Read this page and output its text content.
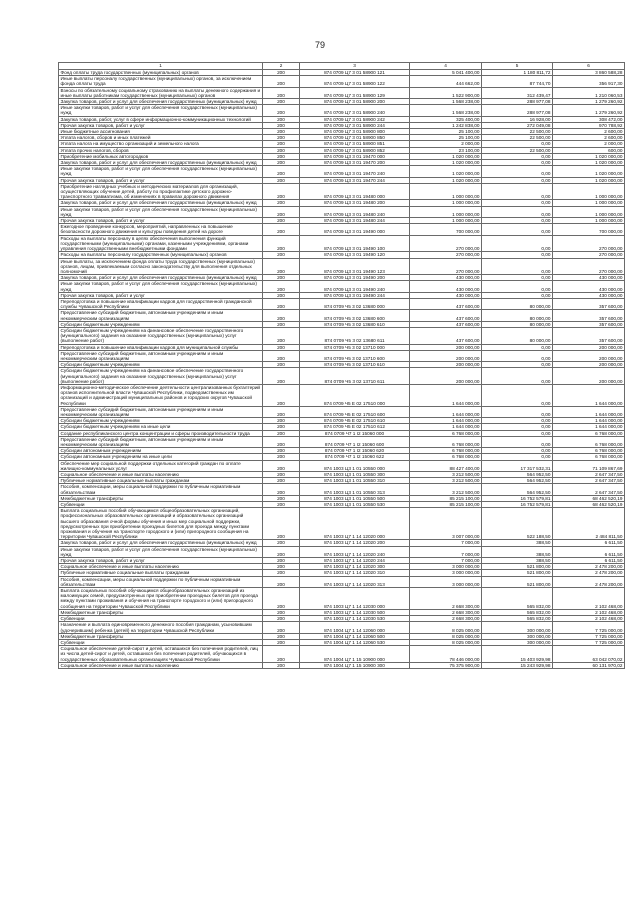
79
1	2	3	4	5	6
Фонд оплаты труда государственных (муниципальных) органов	200	874 0709 Ц7 3 01 58900 121	5 041 400,00	1 180 811,72	3 860 588,28
Иные выплаты персоналу государственных (муниципальных) органов, за исключением фонда оплаты труда	200	874 0709 Ц7 3 01 58900 122	444 662,00	87 744,70	356 917,30
Взносы по обязательному социальному страхованию на выплаты денежного содержания и иные выплаты работникам государственных (муниципальных) органов	200	874 0709 Ц7 3 01 58900 129	1 522 900,00	312 439,47	1 210 060,53
Закупка товаров, работ и услуг для обеспечения государственных (муниципальных) нужд	200	874 0709 Ц7 3 01 58900 200	1 568 238,00	288 977,08	1 279 260,92
Иные закупки товаров, работ и услуг для обеспечения государственных (муниципальных) нужд	200	874 0709 Ц7 3 01 58900 240	1 568 238,00	288 977,08	1 279 260,92
Закупка товаров, работ, услуг в сфере информационно-коммуникационных технологий	200	874 0709 Ц7 3 01 58900 242	325 400,00	16 928,00	308 472,00
Прочая закупка товаров, работ и услуг	200	874 0709 Ц7 3 01 58900 244	1 242 838,00	272 049,08	970 788,92
Иные бюджетные ассигнования	200	874 0709 Ц7 3 01 58900 800	25 100,00	22 500,00	2 600,00
Уплата налогов, сборов и иных платежей	200	874 0709 Ц7 3 01 58900 850	25 100,00	22 500,00	2 600,00
Уплата налога на имущество организаций и земельного налога	200	874 0709 Ц7 3 01 58900 851	2 000,00	0,00	2 000,00
Уплата прочих налогов, сборов	200	874 0709 Ц7 3 01 58900 852	23 100,00	22 500,00	600,00
Приобретение мобильных автогородков	200	874 0709 Ц3 3 01 19470 000	1 020 000,00	0,00	1 020 000,00
Закупка товаров, работ и услуг для обеспечения государственных (муниципальных) нужд	200	874 0709 Ц3 3 01 19470 200	1 020 000,00	0,00	1 020 000,00
Иные закупки товаров, работ и услуг для обеспечения государственных (муниципальных) нужд	200	874 0709 Ц3 3 01 19470 240	1 020 000,00	0,00	1 020 000,00
Прочая закупка товаров, работ и услуг	200	874 0709 Ц3 3 01 19470 244	1 020 000,00	0,00	1 020 000,00
Приобретение наглядных учебных и методических материалов для организаций, осуществляющих обучение детей, работу по профилактике детского дорожно-транспортного травматизма, об изменениях в правилах дорожного движения	200	874 0709 Ц3 3 01 19480 000	1 000 000,00	0,00	1 000 000,00
Закупка товаров, работ и услуг для обеспечения государственных (муниципальных) нужд	200	874 0709 Ц3 3 01 19480 200	1 000 000,00	0,00	1 000 000,00
Иные закупки товаров, работ и услуг для обеспечения государственных (муниципальных) нужд	200	874 0709 Ц3 3 01 19480 240	1 000 000,00	0,00	1 000 000,00
Прочая закупка товаров, работ и услуг	200	874 0709 Ц3 3 01 19480 244	1 000 000,00	0,00	1 000 000,00
Ежегодное проведение конкурсов, мероприятий, направленных на повышение безопасности дорожного движения и культуры поведения детей на дороге	200	874 0709 Ц3 3 01 19490 000	700 000,00	0,00	700 000,00
Расходы на выплаты персоналу в целях обеспечения выполнения функций государственными (муниципальными) органами, казенными учреждениями, органами управления государственными внебюджетными фондами	200	874 0709 Ц3 3 01 19490 100	270 000,00	0,00	270 000,00
Расходы на выплаты персоналу государственных (муниципальных) органов	200	874 0709 Ц3 3 01 19490 120	270 000,00	0,00	270 000,00
Иные выплаты, за исключением фонда оплаты труда государственных (муниципальных) органов, лицам, привлекаемым согласно законодательству для выполнения отдельных полномочий	200	874 0709 Ц3 3 01 19490 123	270 000,00	0,00	270 000,00
Закупка товаров, работ и услуг для обеспечения государственных (муниципальных) нужд	200	874 0709 Ц3 3 01 19490 200	430 000,00	0,00	430 000,00
Иные закупки товаров, работ и услуг для обеспечения государственных (муниципальных) нужд	200	874 0709 Ц3 3 01 19490 240	430 000,00	0,00	430 000,00
Прочая закупка товаров, работ и услуг	200	874 0709 Ц3 3 01 19490 244	430 000,00	0,00	430 000,00
Переподготовка и повышение квалификации кадров для государственной гражданской службы Чувашской Республики	200	874 0709 Ч5 3 02 13680 000	437 600,00	80 000,00	357 600,00
Предоставление субсидий бюджетным, автономным учреждениям и иным некоммерческим организациям	200	874 0709 Ч5 3 02 13680 600	437 600,00	80 000,00	357 600,00
Субсидии бюджетным учреждениям	200	874 0709 Ч5 3 02 13680 610	437 600,00	80 000,00	357 600,00
Субсидии бюджетным учреждениям на финансовое обеспечение государственного (муниципального) задания на оказание государственных (муниципальных) услуг (выполнение работ)	200	874 0709 Ч5 3 02 13680 611	437 600,00	80 000,00	357 600,00
Переподготовка и повышение квалификации кадров для муниципальной службы	200	874 0709 Ч5 3 02 13710 000	200 000,00	0,00	200 000,00
Предоставление субсидий бюджетным, автономным учреждениям и иным некоммерческим организациям	200	874 0709 Ч5 3 02 13710 600	200 000,00	0,00	200 000,00
Субсидии бюджетным учреждениям	200	874 0709 Ч5 3 02 13710 610	200 000,00	0,00	200 000,00
Субсидии бюджетным учреждениям на финансовое обеспечение государственного (муниципального) задания на оказание государственных (муниципальных) услуг (выполнение работ)	200	874 0709 Ч5 3 02 13710 611	200 000,00	0,00	200 000,00
Информационно-методическое обеспечение деятельности централизованных бухгалтерий органов исполнительной власти Чувашской Республики, подведомственных им организаций и администраций муниципальных районов и городских округов Чувашской Республики	200	874 0709 Ч5 Е 02 17510 000	1 644 000,00	0,00	1 644 000,00
Предоставление субсидий бюджетным, автономным учреждениям и иным некоммерческим организациям	200	874 0709 Ч5 Е 02 17510 600	1 644 000,00	0,00	1 644 000,00
Субсидии бюджетным учреждениям	200	874 0709 Ч5 Е 02 17510 610	1 644 000,00	0,00	1 644 000,00
Субсидии бюджетным учреждениям на иные цели	200	874 0709 Ч5 Е 02 17510 612	1 644 000,00	0,00	1 644 000,00
Создание республиканского центра концентрации и сферы производительности труда	200	874 0709 Ч7 1 I2 15060 000	6 768 000,00	0,00	6 768 000,00
Предоставление субсидий бюджетным, автономным учреждениям и иным некоммерческим организациям	200	874 0709 Ч7 1 I2 15060 600	6 768 000,00	0,00	6 768 000,00
Субсидии автономным учреждениям	200	874 0709 Ч7 1 I2 15060 620	6 768 000,00	0,00	6 768 000,00
Субсидии автономным учреждениям на иные цели	200	874 0709 Ч7 1 I2 15060 622	6 768 000,00	0,00	6 768 000,00
Обеспечение мер социальной поддержки отдельных категорий граждан по оплате жилищно-коммунальных услуг	200	874 1003 Ц3 1 01 10550 000	88 427 400,00	17 317 532,31	71 109 867,69
Социальное обеспечение и иные выплаты населению	200	874 1003 Ц3 1 01 10550 300	3 212 500,00	564 952,50	2 647 347,50
Публичные нормативные социальные выплаты гражданам	200	874 1003 Ц3 1 01 10550 310	3 212 500,00	564 952,50	2 647 347,50
Пособия, компенсации, меры социальной поддержки по публичным нормативным обязательствам	200	874 1003 Ц3 1 01 10550 313	3 212 500,00	564 952,50	2 647 347,50
Межбюджетные трансферты	200	874 1003 Ц3 1 01 10550 500	85 215 100,00	16 752 579,81	68 462 520,19
Субвенции	200	874 1003 Ц3 1 01 10550 530	85 215 100,00	16 752 579,81	68 462 520,19
Выплата социальных пособий обучающимся общеобразовательных организаций, профессиональных образовательных организаций и образовательных организаций высшего образования очной формы обучения и иных мер социальной поддержки, предусмотренных при приобретении проездных билетов для проезда между пунктами проживания и обучения на транспорте городского и (или) пригородного сообщения на территории Чувашской Республики	200	874 1003 Ц7 1 14 12020 000	3 007 000,00	522 188,50	2 484 811,50
Закупка товаров, работ и услуг для обеспечения государственных (муниципальных) нужд	200	874 1003 Ц7 1 14 12020 200	7 000,00	388,50	6 611,50
Иные закупки товаров, работ и услуг для обеспечения государственных (муниципальных) нужд	200	874 1003 Ц7 1 14 12020 240	7 000,00	388,50	6 611,50
Прочая закупка товаров, работ и услуг	200	874 1003 Ц7 1 14 12020 244	7 000,00	388,50	6 611,50
Социальное обеспечение и иные выплаты населению	200	874 1003 Ц7 1 14 12020 300	3 000 000,00	521 800,00	2 478 200,00
Публичные нормативные социальные выплаты гражданам	200	874 1003 Ц7 1 14 12020 310	3 000 000,00	521 800,00	2 478 200,00
Пособия, компенсации, меры социальной поддержки по публичным нормативным обязательствам	200	874 1003 Ц7 1 14 12020 313	3 000 000,00	521 800,00	2 478 200,00
Выплата социальных пособий обучающимся общеобразовательных организаций из малоимущих семей, предусмотренных при приобретении проездных билетов для проезда между пунктами проживания и обучения на транспорте городского и (или) пригородного сообщения на территории Чувашской Республики	200	874 1003 Ц7 1 14 12030 000	2 668 300,00	565 832,00	2 102 468,00
Межбюджетные трансферты	200	874 1003 Ц7 1 14 12030 500	2 668 300,00	565 832,00	2 102 468,00
Субвенции	200	874 1003 Ц7 1 14 12030 530	2 668 300,00	565 832,00	2 102 468,00
Назначение и выплата единовременного денежного пособия гражданам, усыновившим (удочерившим) ребенка (детей) на территории Чувашской Республики	200	874 1004 Ц7 1 14 12060 000	8 025 000,00	300 000,00	7 725 000,00
Межбюджетные трансферты	200	874 1004 Ц7 1 14 12060 500	8 025 000,00	300 000,00	7 725 000,00
Субвенции	200	874 1004 Ц7 1 14 12060 530	8 025 000,00	300 000,00	7 725 000,00
Социальное обеспечение детей-сирот и детей, оставшихся без попечения родителей, лиц из числа детей-сирот и детей, оставшихся без попечения родителей, обучающихся в государственных образовательных организациях Чувашской Республики	200	874 1004 Ц7 1 15 10900 000	78 446 000,00	15 403 929,98	63 042 070,02
Социальное обеспечение и иные выплаты населению	200	874 1004 Ц7 1 15 10900 300	75 375 900,00	15 243 929,98	60 131 970,02
